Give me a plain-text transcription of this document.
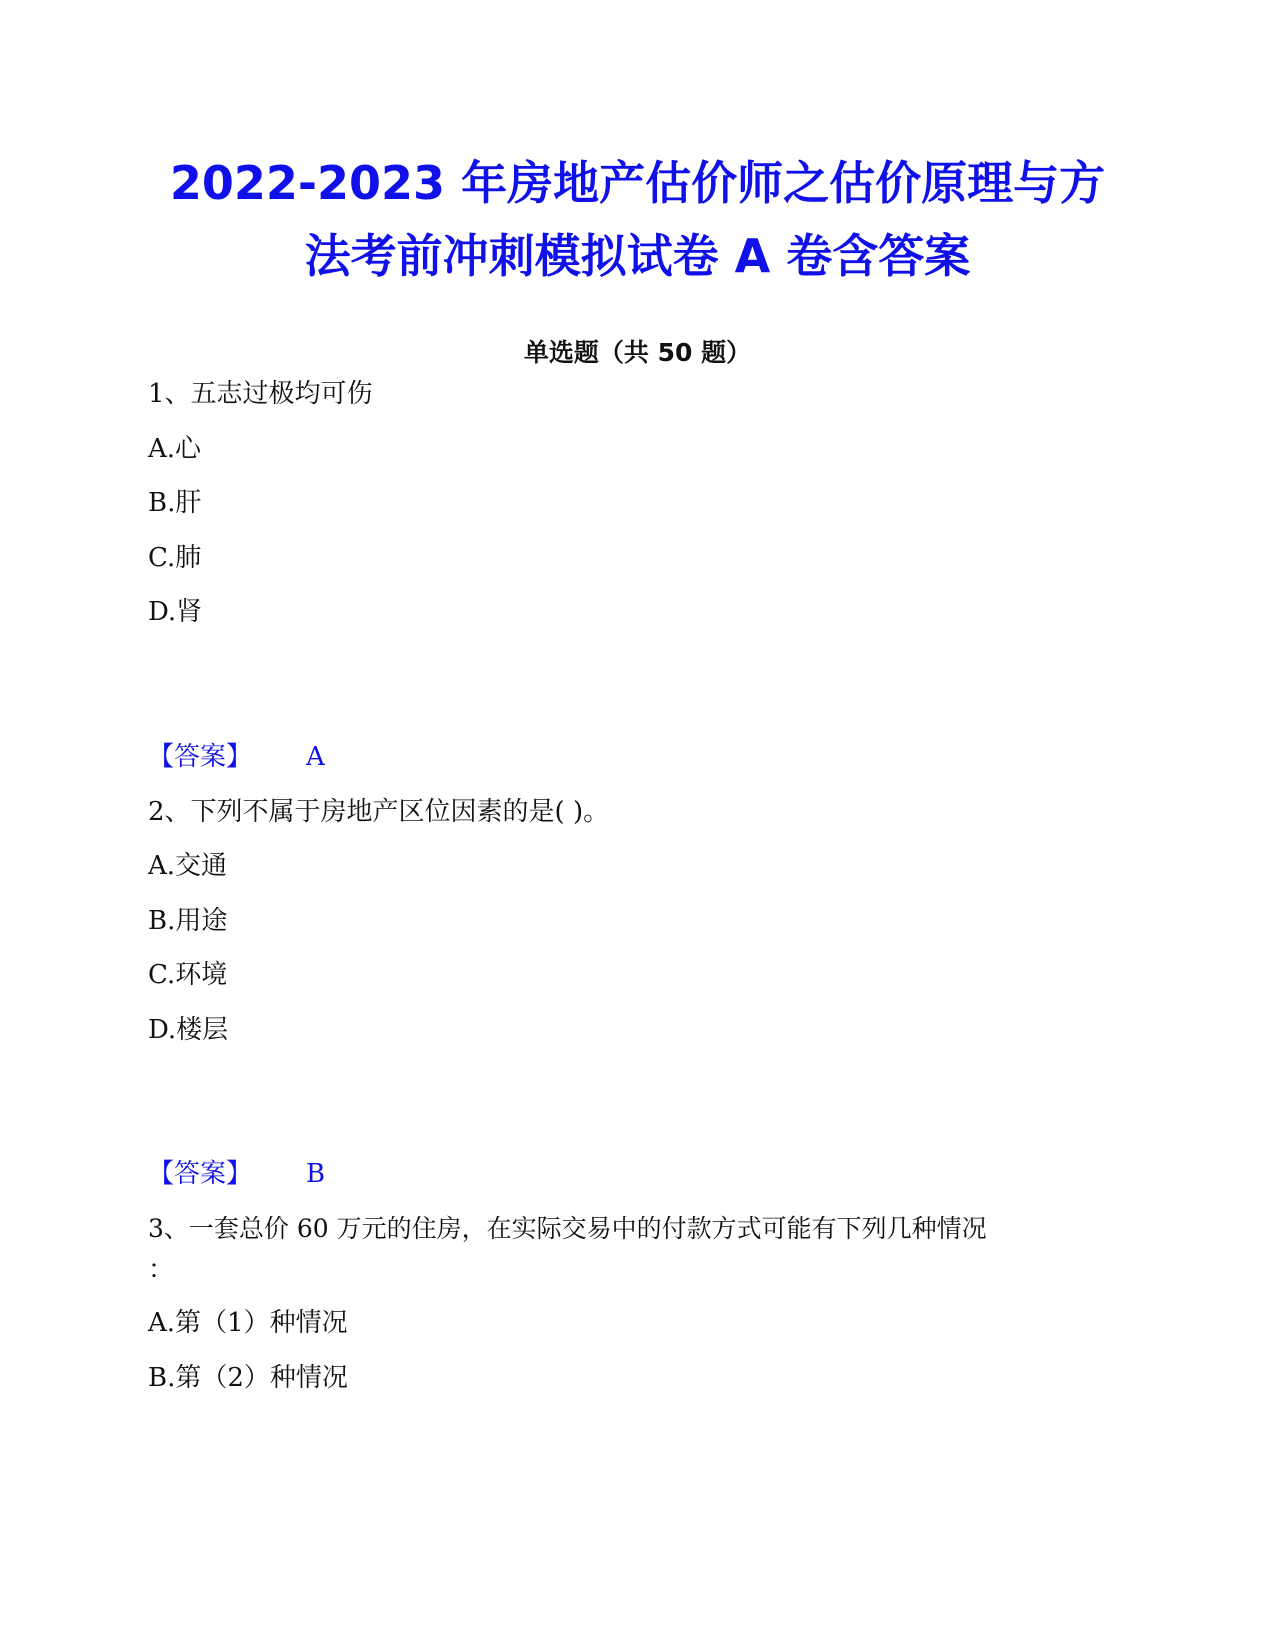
2022-2023 年房地产估价师之估价原理与方
法考前冲刺模拟试卷 A 卷含答案
单选题（共 50 题）
1、五志过极均可伤
A.心
B.肝
C.肺
D.肾
【答案】 A
2、下列不属于房地产区位因素的是( )。
A.交通
B.用途
C.环境
D.楼层
【答案】 B
3、一套总价 60 万元的住房，在实际交易中的付款方式可能有下列几种情况
：
A.第（1）种情况
B.第（2）种情况
